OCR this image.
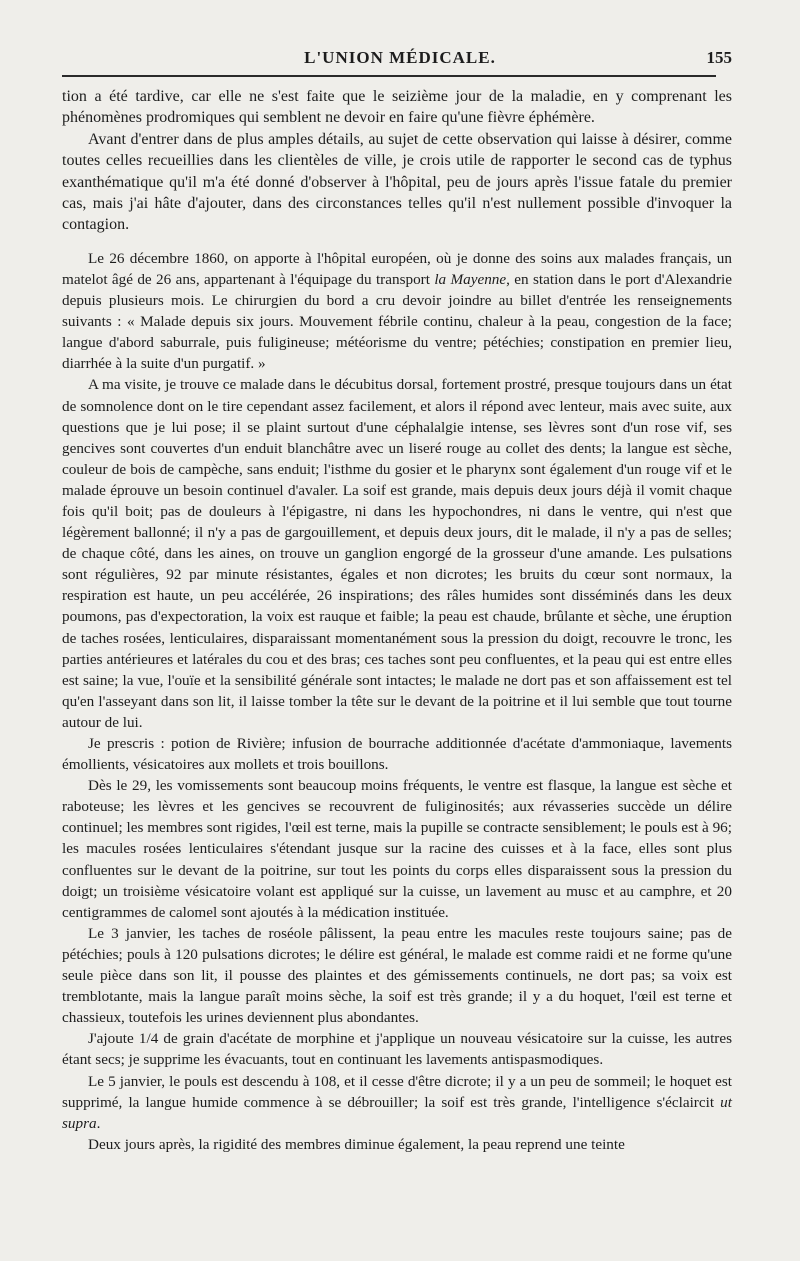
L'UNION MÉDICALE.	155

tion a été tardive, car elle ne s'est faite que le seizième jour de la maladie, en y comprenant les phénomènes prodromiques qui semblent ne devoir en faire qu'une fièvre éphémère.

Avant d'entrer dans de plus amples détails, au sujet de cette observation qui laisse à désirer, comme toutes celles recueillies dans les clientèles de ville, je crois utile de rapporter le second cas de typhus exanthématique qu'il m'a été donné d'observer à l'hôpital, peu de jours après l'issue fatale du premier cas, mais j'ai hâte d'ajouter, dans des circonstances telles qu'il n'est nullement possible d'invoquer la contagion.

Le 26 décembre 1860, on apporte à l'hôpital européen, où je donne des soins aux malades français, un matelot âgé de 26 ans, appartenant à l'équipage du transport la Mayenne, en station dans le port d'Alexandrie depuis plusieurs mois. Le chirurgien du bord a cru devoir joindre au billet d'entrée les renseignements suivants : « Malade depuis six jours. Mouvement fébrile continu, chaleur à la peau, congestion de la face; langue d'abord saburrale, puis fuligineuse; météorisme du ventre; pétéchies; constipation en premier lieu, diarrhée à la suite d'un purgatif. »

A ma visite, je trouve ce malade dans le décubitus dorsal, fortement prostré, presque toujours dans un état de somnolence dont on le tire cependant assez facilement, et alors il répond avec lenteur, mais avec suite, aux questions que je lui pose; il se plaint surtout d'une céphalalgie intense, ses lèvres sont d'un rose vif, ses gencives sont couvertes d'un enduit blanchâtre avec un liseré rouge au collet des dents; la langue est sèche, couleur de bois de campèche, sans enduit; l'isthme du gosier et le pharynx sont également d'un rouge vif et le malade éprouve un besoin continuel d'avaler. La soif est grande, mais depuis deux jours déjà il vomit chaque fois qu'il boit; pas de douleurs à l'épigastre, ni dans les hypochondres, ni dans le ventre, qui n'est que légèrement ballonné; il n'y a pas de gargouillement, et depuis deux jours, dit le malade, il n'y a pas de selles; de chaque côté, dans les aines, on trouve un ganglion engorgé de la grosseur d'une amande. Les pulsations sont régulières, 92 par minute résistantes, égales et non dicrotes; les bruits du cœur sont normaux, la respiration est haute, un peu accélérée, 26 inspirations; des râles humides sont disséminés dans les deux poumons, pas d'expectoration, la voix est rauque et faible; la peau est chaude, brûlante et sèche, une éruption de taches rosées, lenticulaires, disparaissant momentanément sous la pression du doigt, recouvre le tronc, les parties antérieures et latérales du cou et des bras; ces taches sont peu confluentes, et la peau qui est entre elles est saine; la vue, l'ouïe et la sensibilité générale sont intactes; le malade ne dort pas et son affaissement est tel qu'en l'asseyant dans son lit, il laisse tomber la tête sur le devant de la poitrine et il lui semble que tout tourne autour de lui.

Je prescris : potion de Rivière; infusion de bourrache additionnée d'acétate d'ammoniaque, lavements émollients, vésicatoires aux mollets et trois bouillons.

Dès le 29, les vomissements sont beaucoup moins fréquents, le ventre est flasque, la langue est sèche et raboteuse; les lèvres et les gencives se recouvrent de fuliginosités; aux révasseries succède un délire continuel; les membres sont rigides, l'œil est terne, mais la pupille se contracte sensiblement; le pouls est à 96; les macules rosées lenticulaires s'étendant jusque sur la racine des cuisses et à la face, elles sont plus confluentes sur le devant de la poitrine, sur tout les points du corps elles disparaissent sous la pression du doigt; un troisième vésicatoire volant est appliqué sur la cuisse, un lavement au musc et au camphre, et 20 centigrammes de calomel sont ajoutés à la médication instituée.

Le 3 janvier, les taches de roséole pâlissent, la peau entre les macules reste toujours saine; pas de pétéchies; pouls à 120 pulsations dicrotes; le délire est général, le malade est comme raidi et ne forme qu'une seule pièce dans son lit, il pousse des plaintes et des gémissements continuels, ne dort pas; sa voix est tremblotante, mais la langue paraît moins sèche, la soif est très grande; il y a du hoquet, l'œil est terne et chassieux, toutefois les urines deviennent plus abondantes.

J'ajoute 1/4 de grain d'acétate de morphine et j'applique un nouveau vésicatoire sur la cuisse, les autres étant secs; je supprime les évacuants, tout en continuant les lavements antispasmodiques.

Le 5 janvier, le pouls est descendu à 108, et il cesse d'être dicrote; il y a un peu de sommeil; le hoquet est supprimé, la langue humide commence à se débrouiller; la soif est très grande, l'intelligence s'éclaircit ut supra.

Deux jours après, la rigidité des membres diminue également, la peau reprend une teinte
